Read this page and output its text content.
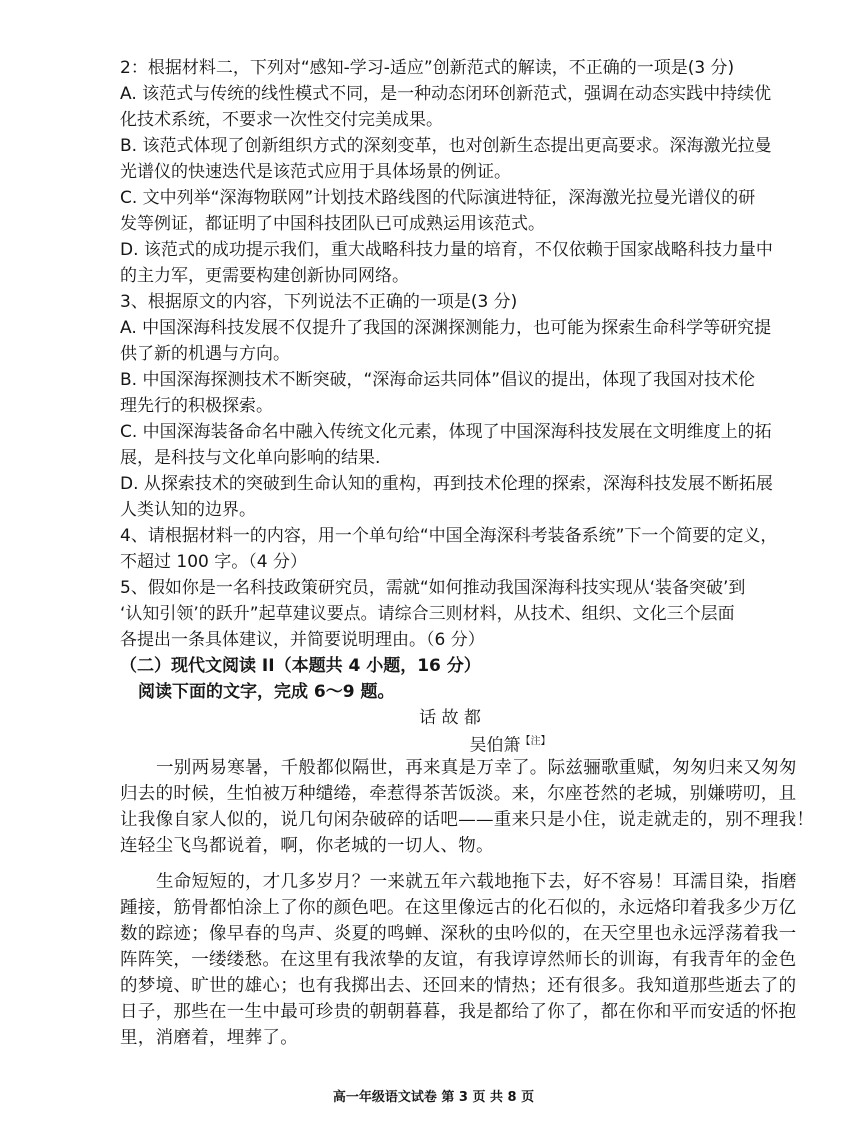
2：根据材料二，下列对“感知-学习-适应”创新范式的解读，不正确的一项是(3 分)
A. 该范式与传统的线性模式不同，是一种动态闭环创新范式，强调在动态实践中持续优
化技术系统，不要求一次性交付完美成果。
B. 该范式体现了创新组织方式的深刻变革，也对创新生态提出更高要求。深海激光拉曼
光谱仪的快速迭代是该范式应用于具体场景的例证。
C. 文中列举“深海物联网”计划技术路线图的代际演进特征，深海激光拉曼光谱仪的研
发等例证，都证明了中国科技团队已可成熟运用该范式。
D. 该范式的成功提示我们，重大战略科技力量的培育，不仅依赖于国家战略科技力量中
的主力军，更需要构建创新协同网络。
3、根据原文的内容，下列说法不正确的一项是(3 分)
A. 中国深海科技发展不仅提升了我国的深渊探测能力，也可能为探索生命科学等研究提
供了新的机遇与方向。
B. 中国深海探测技术不断突破，“深海命运共同体”倡议的提出，体现了我国对技术伦
理先行的积极探索。
C. 中国深海装备命名中融入传统文化元素，体现了中国深海科技发展在文明维度上的拓
展，是科技与文化单向影响的结果.
D. 从探索技术的突破到生命认知的重构，再到技术伦理的探索，深海科技发展不断拓展
人类认知的边界。
4、请根据材料一的内容，用一个单句给“中国全海深科考装备系统”下一个简要的定义，
不超过 100 字。（4 分）
5、假如你是一名科技政策研究员，需就“如何推动我国深海科技实现从‘装备突破’到
‘认知引领’的跃升”起草建议要点。请综合三则材料，从技术、组织、文化三个层面
各提出一条具体建议，并简要说明理由。（6 分）
（二）现代文阅读 II（本题共 4 小题，16 分）
阅读下面的文字，完成 6～9 题。
话 故 都
吴伯箫$^{【注】}$
一别两易寒暑，千般都似隔世，再来真是万幸了。际兹骊歌重赋，匆匆归来又匆匆
归去的时候，生怕被万种缱绻，牵惹得茶苦饭淡。来，尔座苍然的老城，别嫌唠叨，且
让我像自家人似的，说几句闲杂破碎的话吧——重来只是小住，说走就走的，别不理我！
连轻尘飞鸟都说着，啊，你老城的一切人、物。
生命短短的，才几多岁月？一来就五年六载地拖下去，好不容易！耳濡目染，指磨
踵接，筋骨都怕涂上了你的颜色吧。在这里像远古的化石似的，永远烙印着我多少万亿
数的踪迹；像早春的鸟声、炎夏的鸣蝉、深秋的虫吟似的，在天空里也永远浮荡着我一
阵阵笑，一缕缕愁。在这里有我浓挚的友谊，有我谆谆然师长的训诲，有我青年的金色
的梦境、旷世的雄心；也有我掷出去、还回来的情热；还有很多。我知道那些逝去了的
日子，那些在一生中最可珍贵的朝朝暮暮，我是都给了你了，都在你和平而安适的怀抱
里，消磨着，埋葬了。
高一年级语文试卷 第 3 页 共 8 页
